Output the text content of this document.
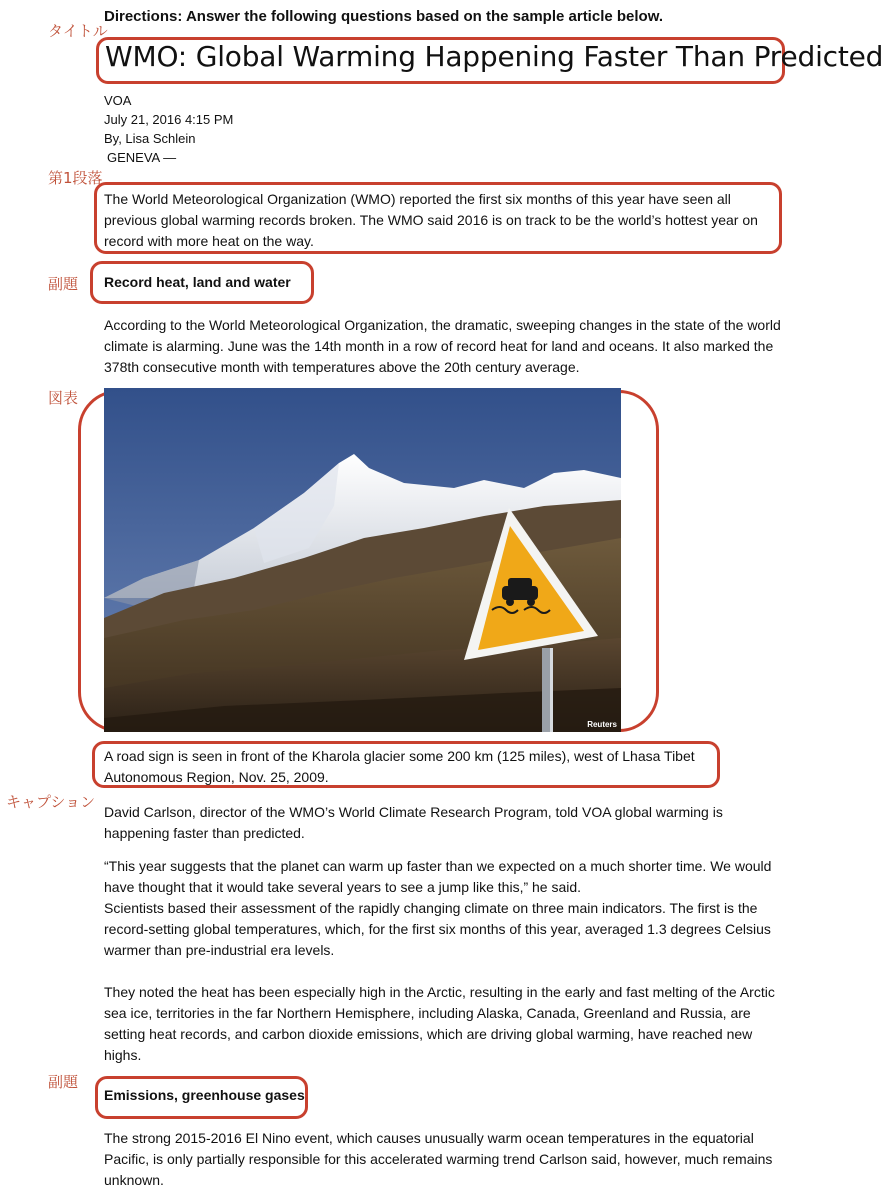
Directions: Answer the following questions based on the sample article below.
タイトル
第1段落
副題
図表
キャプション
副題
WMO: Global Warming Happening Faster Than Predicted
VOA
July 21, 2016 4:15 PM
By, Lisa Schlein
GENEVA —
The World Meteorological Organization (WMO) reported the first six months of this year have seen all previous global warming records broken. The WMO said 2016 is on track to be the world’s hottest year on record with more heat on the way.
Record heat, land and water
According to the World Meteorological Organization, the dramatic, sweeping changes in the state of the world climate is alarming. June was the 14th month in a row of record heat for land and oceans. It also marked the 378th consecutive month with temperatures above the 20th century average.
Reuters
A road sign is seen in front of the Kharola glacier some 200 km (125 miles), west of Lhasa Tibet Autonomous Region, Nov. 25, 2009.
David Carlson, director of the WMO’s World Climate Research Program, told VOA global warming is happening faster than predicted.
“This year suggests that the planet can warm up faster than we expected on a much shorter time. We would have thought that it would take several years to see a jump like this,” he said.
Scientists based their assessment of the rapidly changing climate on three main indicators. The first is the record-setting global temperatures, which, for the first six months of this year, averaged 1.3 degrees Celsius warmer than pre-industrial era levels.
They noted the heat has been especially high in the Arctic, resulting in the early and fast melting of the Arctic sea ice, territories in the far Northern Hemisphere, including Alaska, Canada, Greenland and Russia, are setting heat records, and carbon dioxide emissions, which are driving global warming, have reached new highs.
Emissions, greenhouse gases
The strong 2015-2016 El Nino event, which causes unusually warm ocean temperatures in the equatorial Pacific, is only partially responsible for this accelerated warming trend Carlson said, however, much remains unknown.
